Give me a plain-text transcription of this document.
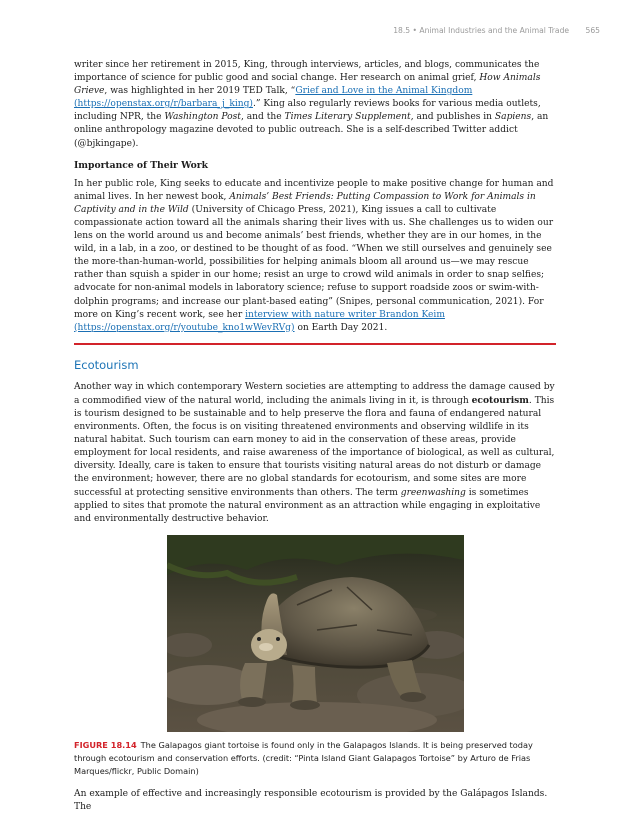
18.5 • Animal Industries and the Animal Trade 565

writer since her retirement in 2015, King, through interviews, articles, and blogs, communicates the importance of science for public good and social change. Her research on animal grief, How Animals Grieve, was highlighted in her 2019 TED Talk, “Grief and Love in the Animal Kingdom (https://openstax.org/r/barbara_j_king).” King also regularly reviews books for various media outlets, including NPR, the Washington Post, and the Times Literary Supplement, and publishes in Sapiens, an online anthropology magazine devoted to public outreach. She is a self-described Twitter addict (@bjkingape).

Importance of Their Work

In her public role, King seeks to educate and incentivize people to make positive change for human and animal lives. In her newest book, Animals’ Best Friends: Putting Compassion to Work for Animals in Captivity and in the Wild (University of Chicago Press, 2021), King issues a call to cultivate compassionate action toward all the animals sharing their lives with us. She challenges us to widen our lens on the world around us and become animals’ best friends, whether they are in our homes, in the wild, in a lab, in a zoo, or destined to be thought of as food. “When we still ourselves and genuinely see the more-than-human-world, possibilities for helping animals bloom all around us—we may rescue rather than squish a spider in our home; resist an urge to crowd wild animals in order to snap selfies; advocate for non-animal models in laboratory science; refuse to support roadside zoos or swim-with-dolphin programs; and increase our plant-based eating” (Snipes, personal communication, 2021). For more on King’s recent work, see her interview with nature writer Brandon Keim (https://openstax.org/r/youtube_kno1wWevRVg) on Earth Day 2021.

Ecotourism

Another way in which contemporary Western societies are attempting to address the damage caused by a commodified view of the natural world, including the animals living in it, is through ecotourism. This is tourism designed to be sustainable and to help preserve the flora and fauna of endangered natural environments. Often, the focus is on visiting threatened environments and observing wildlife in its natural habitat. Such tourism can earn money to aid in the conservation of these areas, provide employment for local residents, and raise awareness of the importance of biological, as well as cultural, diversity. Ideally, care is taken to ensure that tourists visiting natural areas do not disturb or damage the environment; however, there are no global standards for ecotourism, and some sites are more successful at protecting sensitive environments than others. The term greenwashing is sometimes applied to sites that promote the natural environment as an attraction while engaging in exploitative and environmentally destructive behavior.

FIGURE 18.14 The Galapagos giant tortoise is found only in the Galapagos Islands. It is being preserved today through ecotourism and conservation efforts. (credit: “Pinta Island Giant Galapagos Tortoise” by Arturo de Frias Marques/flickr, Public Domain)

An example of effective and increasingly responsible ecotourism is provided by the Galápagos Islands. The
